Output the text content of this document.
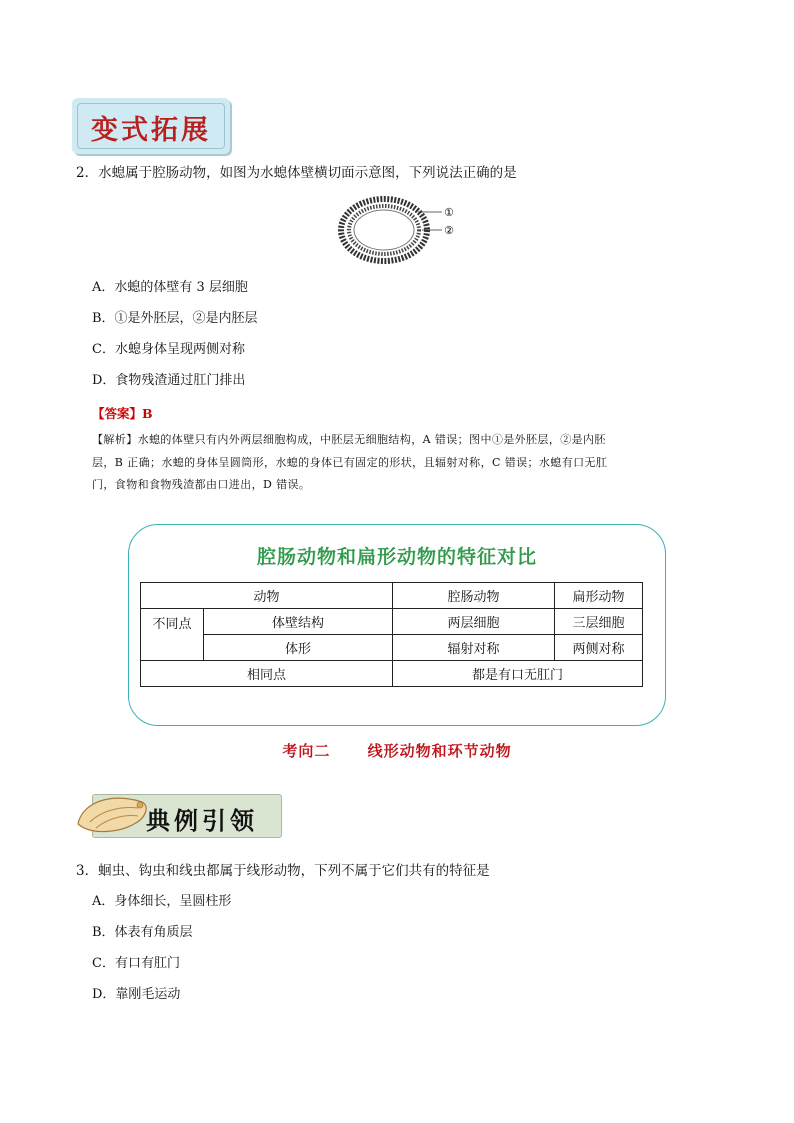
变式拓展
2．水螅属于腔肠动物，如图为水螅体壁横切面示意图，下列说法正确的是
①
②
A．水螅的体壁有 3 层细胞
B．①是外胚层，②是内胚层
C．水螅身体呈现两侧对称
D．食物残渣通过肛门排出
【答案】B
【解析】水螅的体壁只有内外两层细胞构成，中胚层无细胞结构，A 错误；图中①是外胚层，②是内胚
层，B 正确；水螅的身体呈圆筒形，水螅的身体已有固定的形状，且辐射对称，C 错误；水螅有口无肛
门，食物和食物残渣都由口进出，D 错误。
腔肠动物和扁形动物的特征对比
动物		腔肠动物	扁形动物
不同点	体壁结构	两层细胞	三层细胞
	体形	辐射对称	两侧对称
相同点		都是有口无肛门	
考向二      线形动物和环节动物
典例引领
3．蛔虫、钩虫和线虫都属于线形动物，下列不属于它们共有的特征是
A．身体细长，呈圆柱形
B．体表有角质层
C．有口有肛门
D．靠刚毛运动
